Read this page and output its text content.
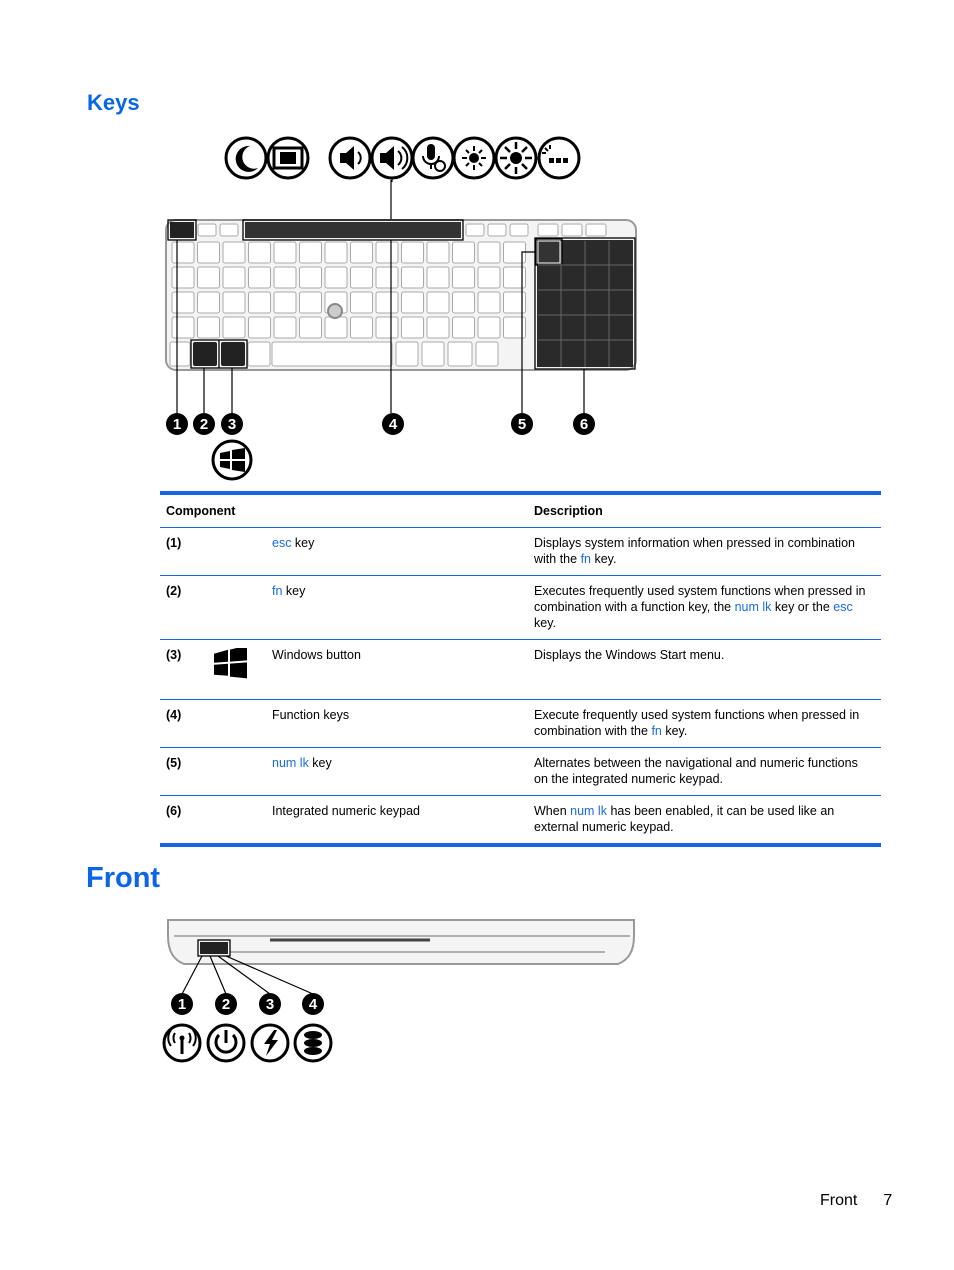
Keys
1 2 3	4	5	6
Component		Description
(1)	esc key	Displays system information when pressed in combination with the fn key.
(2)	fn key	Executes frequently used system functions when pressed in combination with a function key, the num lk key or the esc key.
(3)	Windows button	Displays the Windows Start menu.
(4)	Function keys	Execute frequently used system functions when pressed in combination with the fn key.
(5)	num lk key	Alternates between the navigational and numeric functions on the integrated numeric keypad.
(6)	Integrated numeric keypad	When num lk has been enabled, it can be used like an external numeric keypad.
Front
1 2 3 4
Front 7
